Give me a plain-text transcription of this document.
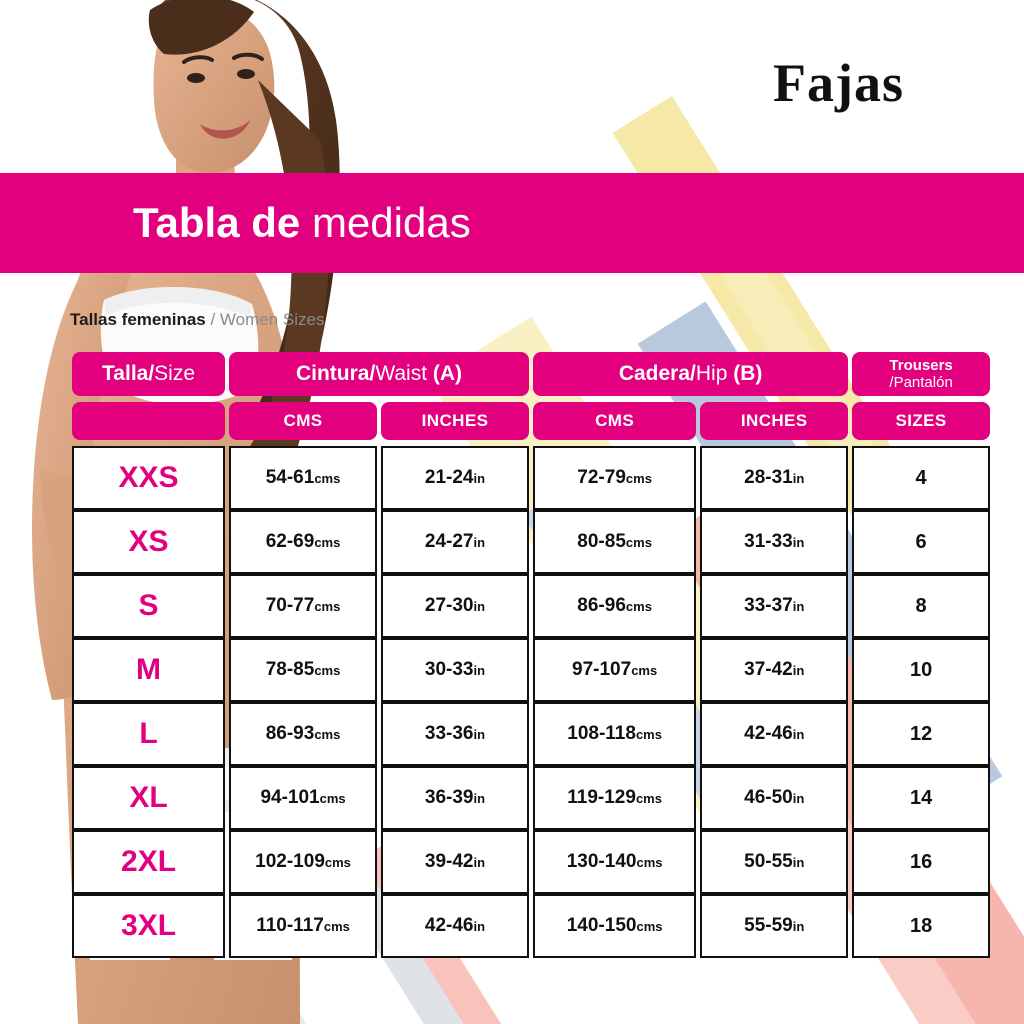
Fajas
Tabla de medidas
Tallas femeninas / Women Sizes
Talla/Size	Cintura/Waist (A)		Cadera/Hip (B)		Trousers
/Pantalón

	CMS	INCHES	CMS	INCHES	SIZES

XXS	54-61cms	21-24in	72-79cms	28-31in	4
XS	62-69cms	24-27in	80-85cms	31-33in	6
S	70-77cms	27-30in	86-96cms	33-37in	8
M	78-85cms	30-33in	97-107cms	37-42in	10
L	86-93cms	33-36in	108-118cms	42-46in	12
XL	94-101cms	36-39in	119-129cms	46-50in	14
2XL	102-109cms	39-42in	130-140cms	50-55in	16
3XL	110-117cms	42-46in	140-150cms	55-59in	18
